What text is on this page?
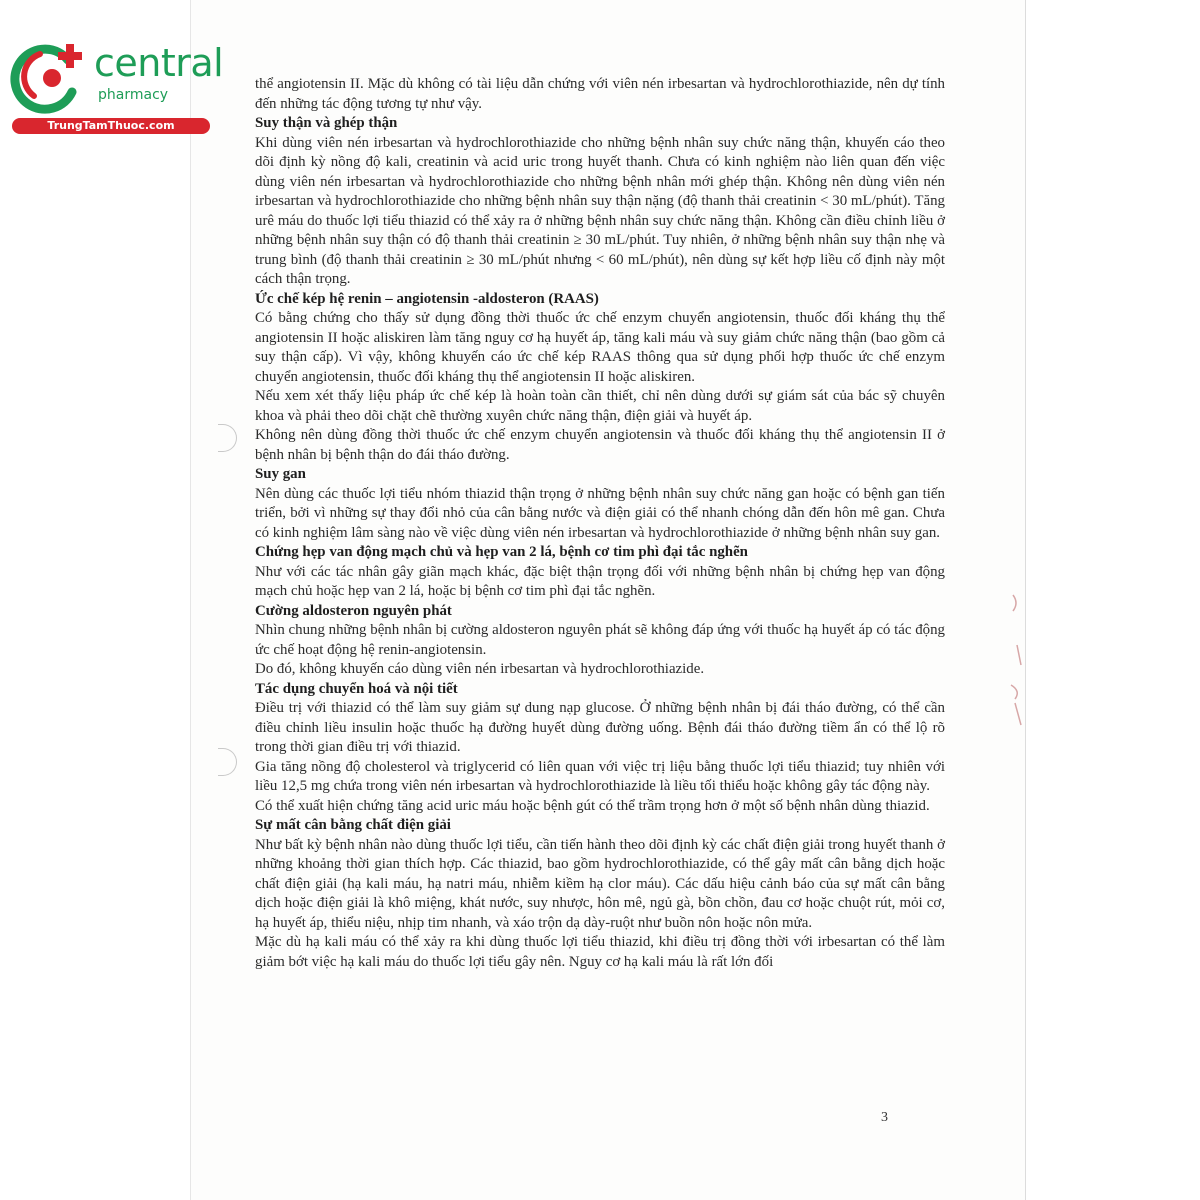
central
pharmacy
TrungTamThuoc.com

thể angiotensin II. Mặc dù không có tài liệu dẫn chứng với viên nén irbesartan và hydrochlorothiazide, nên dự tính đến những tác động tương tự như vậy.

Suy thận và ghép thận

Khi dùng viên nén irbesartan và hydrochlorothiazide cho những bệnh nhân suy chức năng thận, khuyến cáo theo dõi định kỳ nồng độ kali, creatinin và acid uric trong huyết thanh. Chưa có kinh nghiệm nào liên quan đến việc dùng viên nén irbesartan và hydrochlorothiazide cho những bệnh nhân mới ghép thận. Không nên dùng viên nén irbesartan và hydrochlorothiazide cho những bệnh nhân suy thận nặng (độ thanh thải creatinin < 30 mL/phút). Tăng urê máu do thuốc lợi tiểu thiazid có thể xảy ra ở những bệnh nhân suy chức năng thận. Không cần điều chỉnh liều ở những bệnh nhân suy thận có độ thanh thải creatinin ≥ 30 mL/phút. Tuy nhiên, ở những bệnh nhân suy thận nhẹ và trung bình (độ thanh thải creatinin ≥ 30 mL/phút nhưng < 60 mL/phút), nên dùng sự kết hợp liều cố định này một cách thận trọng.

Ức chế kép hệ renin – angiotensin -aldosteron (RAAS)

Có bằng chứng cho thấy sử dụng đồng thời thuốc ức chế enzym chuyển angiotensin, thuốc đối kháng thụ thể angiotensin II hoặc aliskiren làm tăng nguy cơ hạ huyết áp, tăng kali máu và suy giảm chức năng thận (bao gồm cả suy thận cấp). Vì vậy, không khuyến cáo ức chế kép RAAS thông qua sử dụng phối hợp thuốc ức chế enzym chuyển angiotensin, thuốc đối kháng thụ thể angiotensin II hoặc aliskiren.

Nếu xem xét thấy liệu pháp ức chế kép là hoàn toàn cần thiết, chỉ nên dùng dưới sự giám sát của bác sỹ chuyên khoa và phải theo dõi chặt chẽ thường xuyên chức năng thận, điện giải và huyết áp.

Không nên dùng đồng thời thuốc ức chế enzym chuyển angiotensin và thuốc đối kháng thụ thể angiotensin II ở bệnh nhân bị bệnh thận do đái tháo đường.

Suy gan

Nên dùng các thuốc lợi tiểu nhóm thiazid thận trọng ở những bệnh nhân suy chức năng gan hoặc có bệnh gan tiến triển, bởi vì những sự thay đổi nhỏ của cân bằng nước và điện giải có thể nhanh chóng dẫn đến hôn mê gan. Chưa có kinh nghiệm lâm sàng nào về việc dùng viên nén irbesartan và hydrochlorothiazide ở những bệnh nhân suy gan.

Chứng hẹp van động mạch chủ và hẹp van 2 lá, bệnh cơ tim phì đại tắc nghẽn

Như với các tác nhân gây giãn mạch khác, đặc biệt thận trọng đối với những bệnh nhân bị chứng hẹp van động mạch chủ hoặc hẹp van 2 lá, hoặc bị bệnh cơ tim phì đại tắc nghẽn.

Cường aldosteron nguyên phát

Nhìn chung những bệnh nhân bị cường aldosteron nguyên phát sẽ không đáp ứng với thuốc hạ huyết áp có tác động ức chế hoạt động hệ renin-angiotensin.

Do đó, không khuyến cáo dùng viên nén irbesartan và hydrochlorothiazide.

Tác dụng chuyển hoá và nội tiết

Điều trị với thiazid có thể làm suy giảm sự dung nạp glucose. Ở những bệnh nhân bị đái tháo đường, có thể cần điều chỉnh liều insulin hoặc thuốc hạ đường huyết dùng đường uống. Bệnh đái tháo đường tiềm ẩn có thể lộ rõ trong thời gian điều trị với thiazid.

Gia tăng nồng độ cholesterol và triglycerid có liên quan với việc trị liệu bằng thuốc lợi tiểu thiazid; tuy nhiên với liều 12,5 mg chứa trong viên nén irbesartan và hydrochlorothiazide là liều tối thiểu hoặc không gây tác động này.

Có thể xuất hiện chứng tăng acid uric máu hoặc bệnh gút có thể trầm trọng hơn ở một số bệnh nhân dùng thiazid.

Sự mất cân bằng chất điện giải

Như bất kỳ bệnh nhân nào dùng thuốc lợi tiểu, cần tiến hành theo dõi định kỳ các chất điện giải trong huyết thanh ở những khoảng thời gian thích hợp. Các thiazid, bao gồm hydrochlorothiazide, có thể gây mất cân bằng dịch hoặc chất điện giải (hạ kali máu, hạ natri máu, nhiễm kiềm hạ clor máu). Các dấu hiệu cảnh báo của sự mất cân bằng dịch hoặc điện giải là khô miệng, khát nước, suy nhược, hôn mê, ngủ gà, bồn chồn, đau cơ hoặc chuột rút, mỏi cơ, hạ huyết áp, thiểu niệu, nhịp tim nhanh, và xáo trộn dạ dày-ruột như buồn nôn hoặc nôn mửa.

Mặc dù hạ kali máu có thể xảy ra khi dùng thuốc lợi tiểu thiazid, khi điều trị đồng thời với irbesartan có thể làm giảm bớt việc hạ kali máu do thuốc lợi tiểu gây nên. Nguy cơ hạ kali máu là rất lớn đối

3
